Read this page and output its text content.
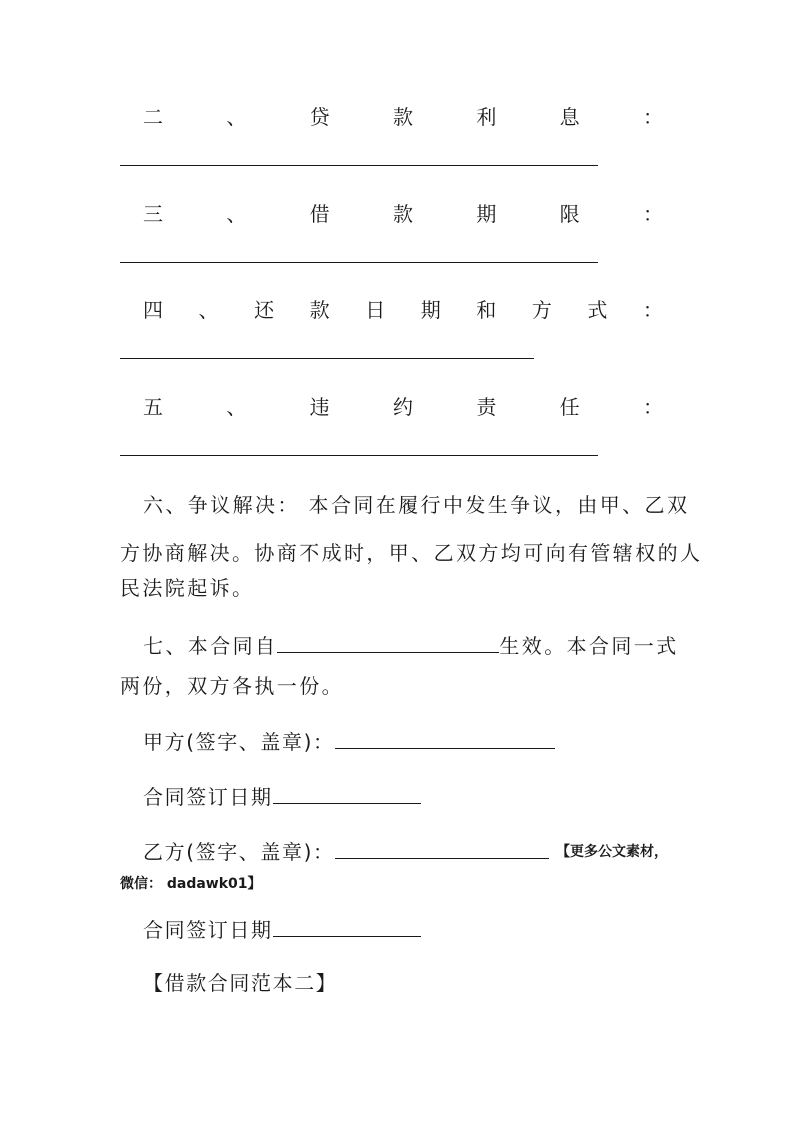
二	、	贷	款	利	息	：
三	、	借	款	期	限	：
四 、 还 款 日 期 和 方 式 ：
五	、	违	约	责	任	：
六、争议解决： 本合同在履行中发生争议，由甲、乙双
方协商解决。协商不成时，甲、乙双方均可向有管辖权的人
民法院起诉。
七、本合同自	生效。本合同一式
两份，双方各执一份。
甲方(签字、盖章)：
合同签订日期
乙方(签字、盖章)：	【更多公文素材，
微信： dadawk01】
合同签订日期
【借款合同范本二】
